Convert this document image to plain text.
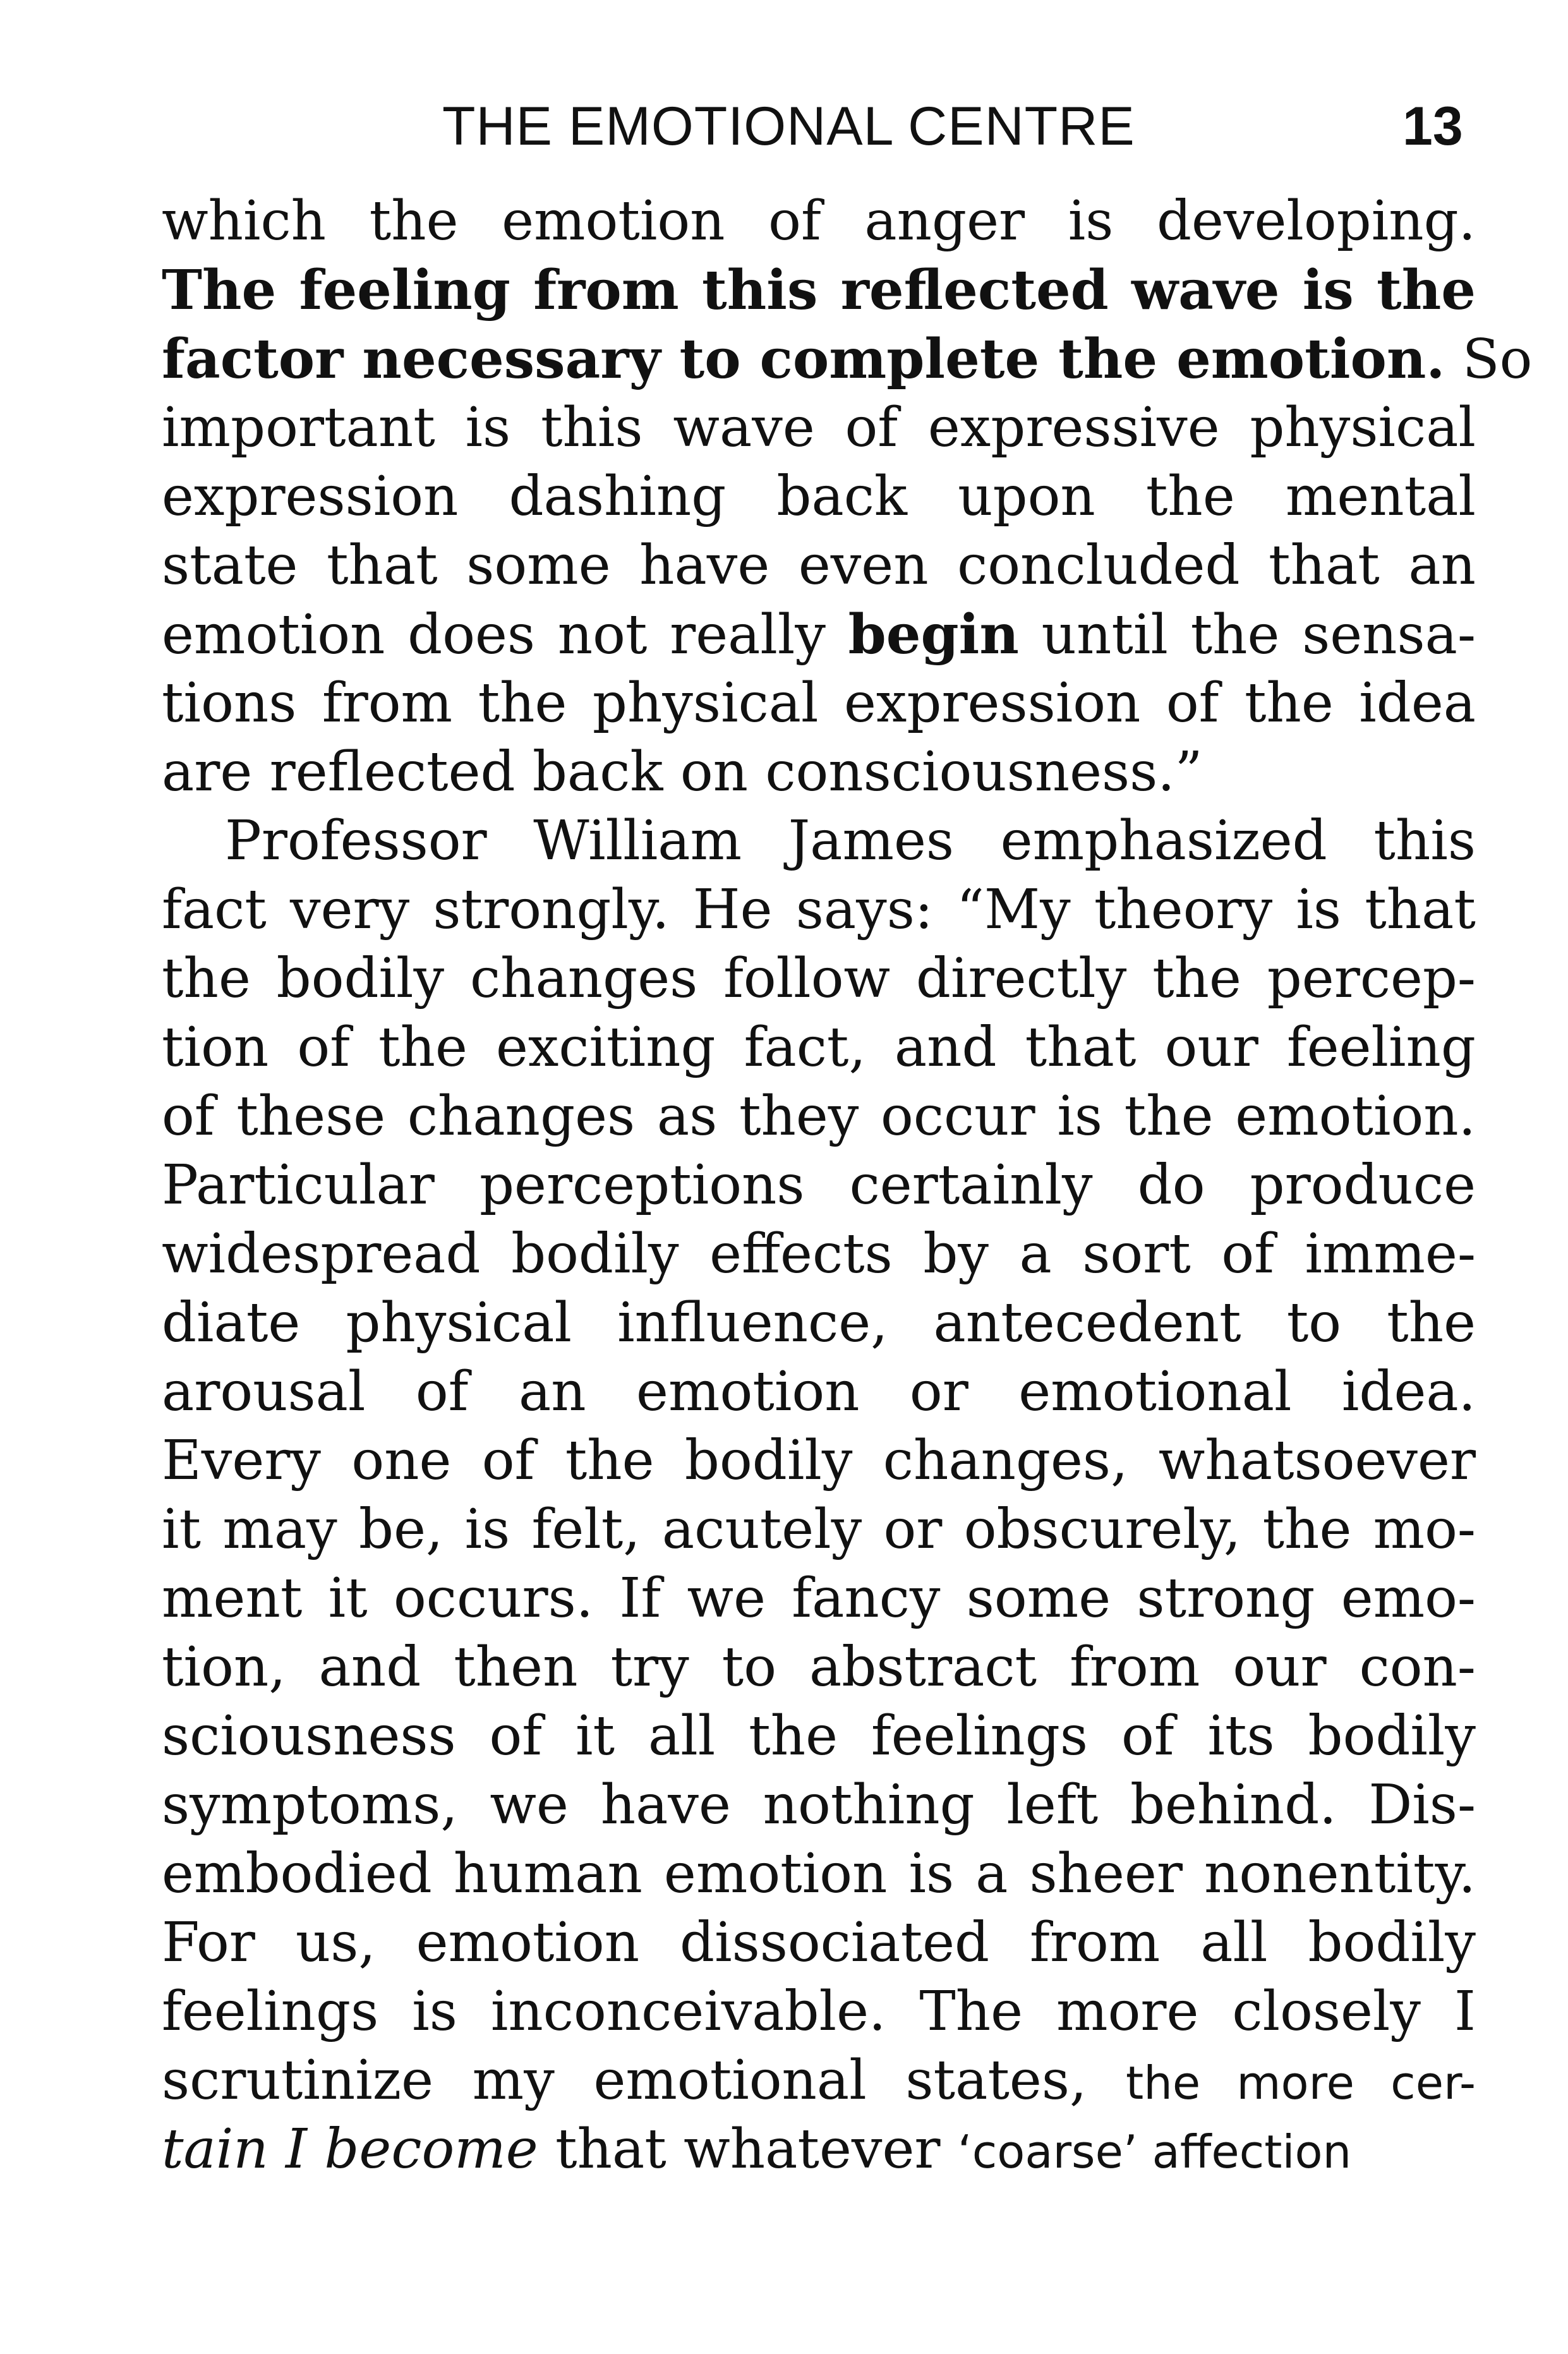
THE EMOTIONAL CENTRE	13
which the emotion of anger is developing.
The feeling from this reflected wave is the
factor necessary to complete the emotion. So
important is this wave of expressive physical
expression dashing back upon the mental
state that some have even concluded that an
emotion does not really begin until the sensa-
tions from the physical expression of the idea
are reflected back on consciousness.”
Professor William James emphasized this
fact very strongly. He says: “My theory is that
the bodily changes follow directly the percep-
tion of the exciting fact, and that our feeling
of these changes as they occur is the emotion.
Particular perceptions certainly do produce
widespread bodily effects by a sort of imme-
diate physical influence, antecedent to the
arousal of an emotion or emotional idea.
Every one of the bodily changes, whatsoever
it may be, is felt, acutely or obscurely, the mo-
ment it occurs. If we fancy some strong emo-
tion, and then try to abstract from our con-
sciousness of it all the feelings of its bodily
symptoms, we have nothing left behind. Dis-
embodied human emotion is a sheer nonentity.
For us, emotion dissociated from all bodily
feelings is inconceivable. The more closely I
scrutinize my emotional states, the more cer-
tain I become that whatever ‘coarse’ affection
